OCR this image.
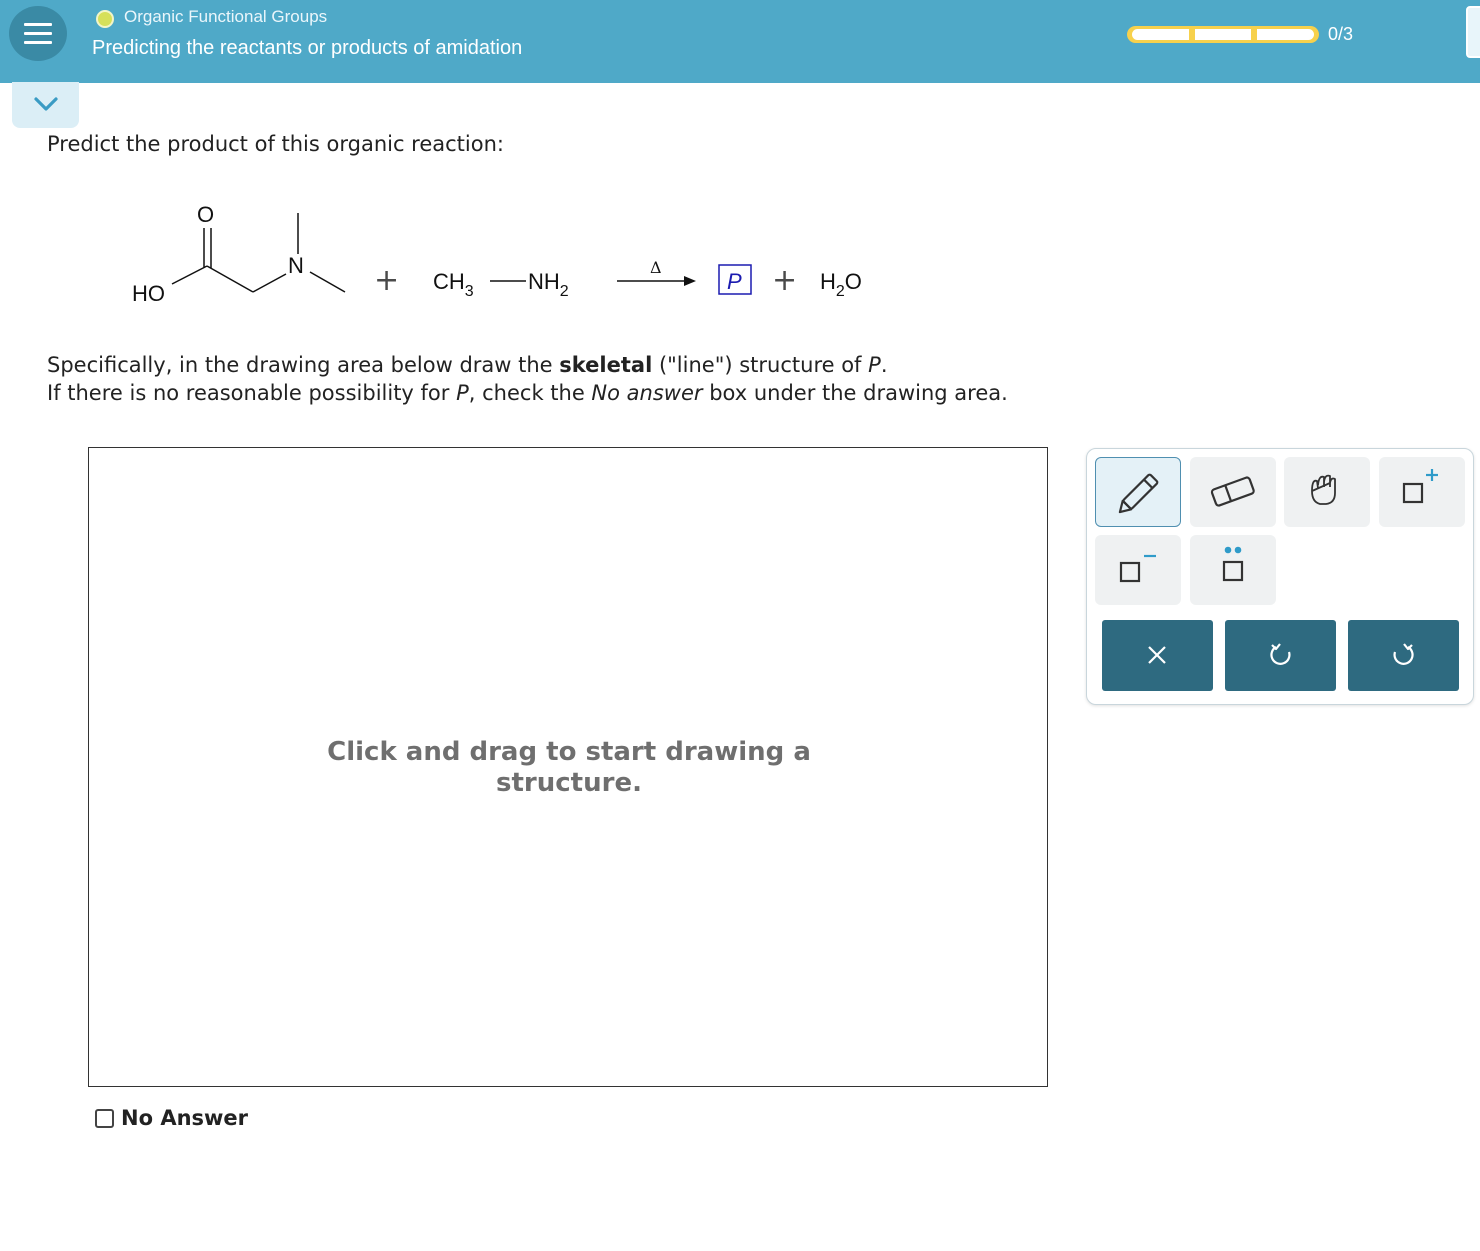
Organic Functional Groups
Predicting the reactants or products of amidation
0/3
Predict the product of this organic reaction:
O
HO
$N + CH_3$ $NH_2$
Δ
$P + H_2O$
Specifically, in the drawing area below draw the skeletal ("line") structure of P.
If there is no reasonable possibility for P, check the No answer box under the drawing area.
Click and drag to start drawing a
structure.
No Answer
